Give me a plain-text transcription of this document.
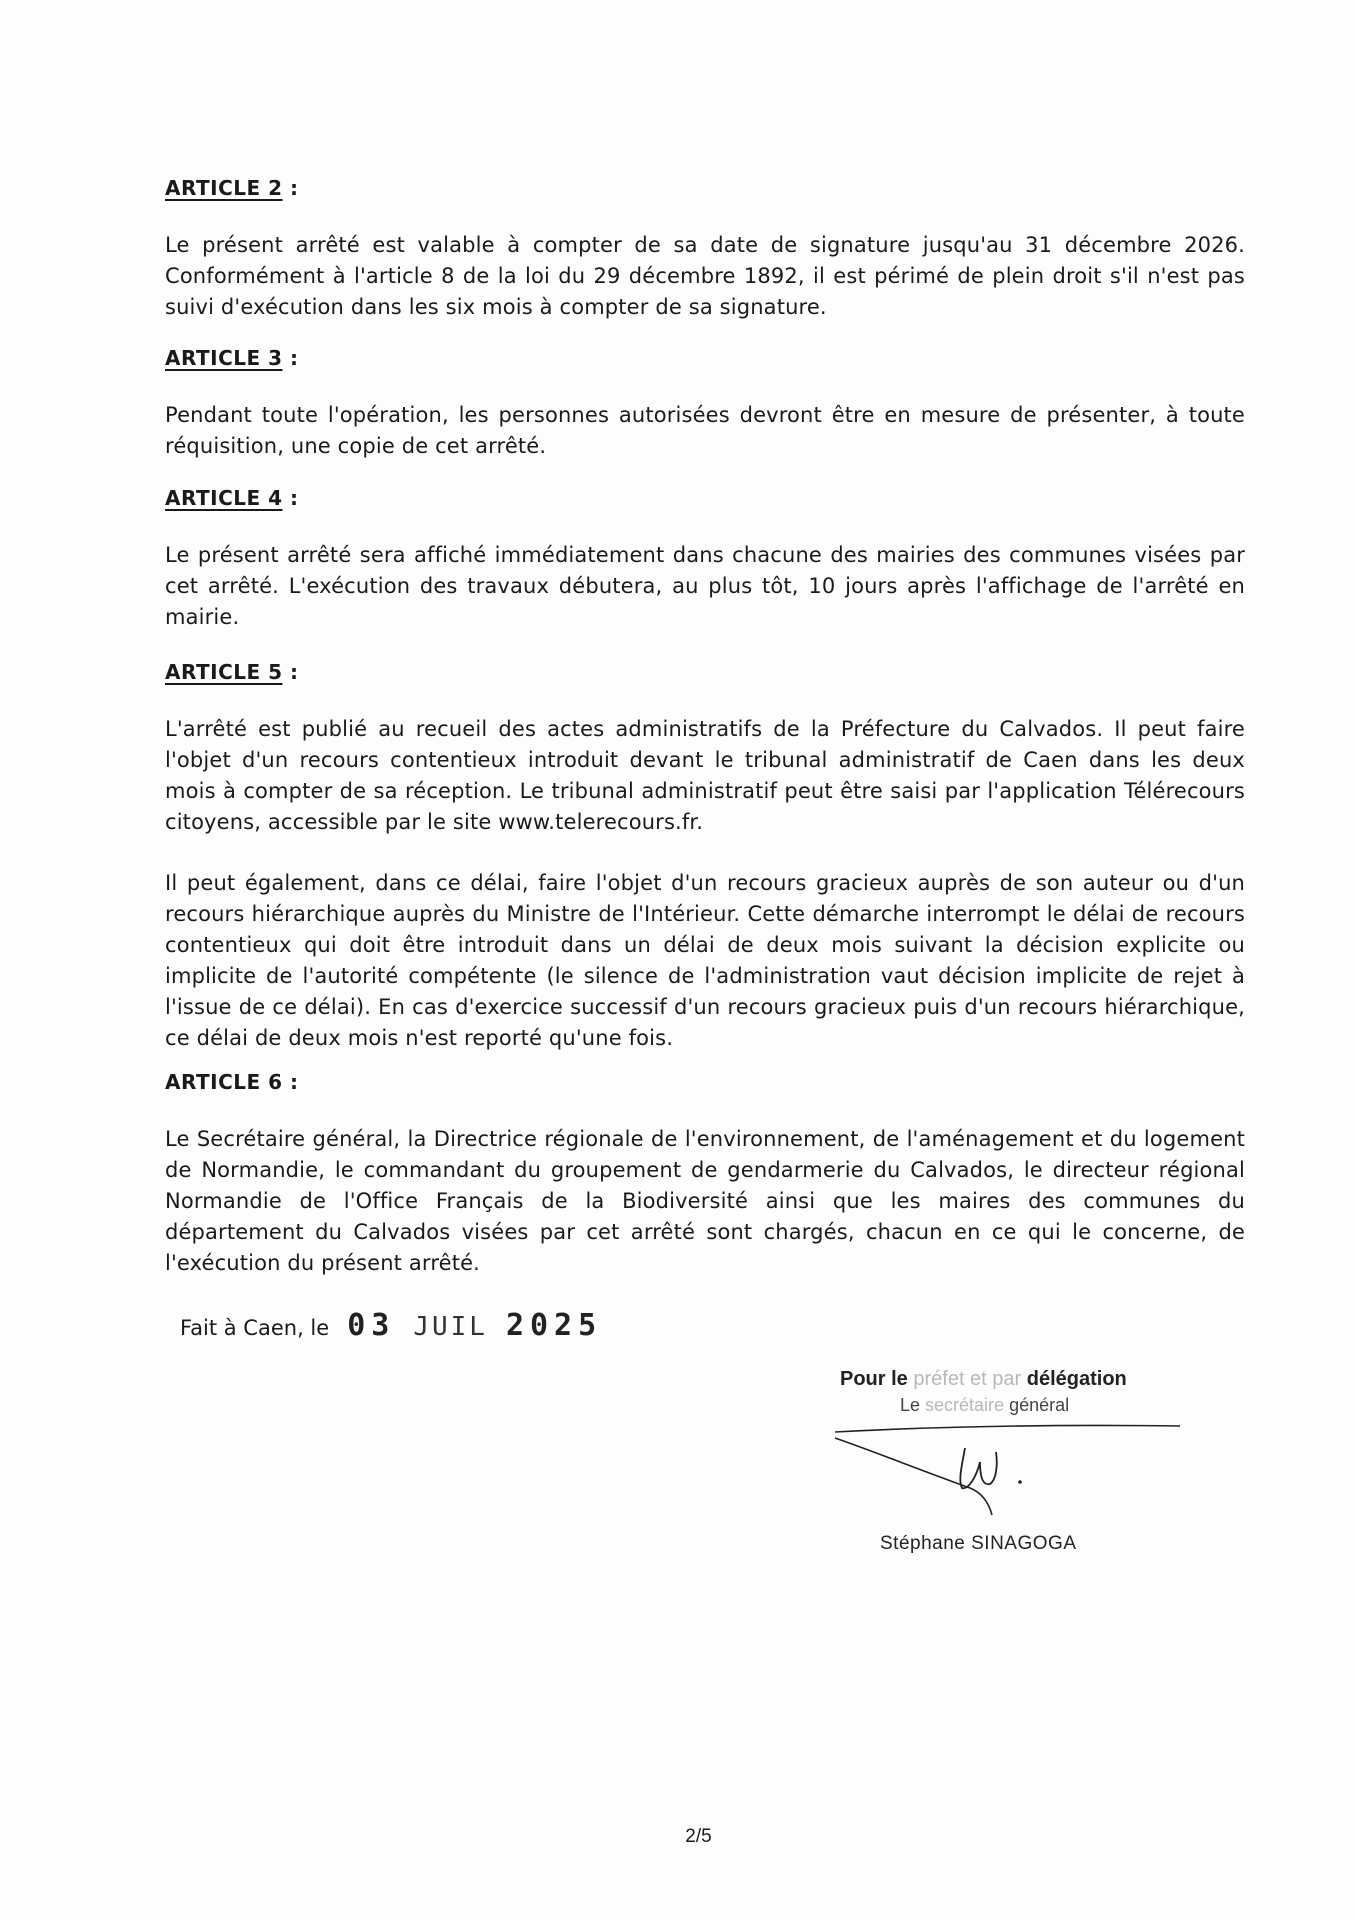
ARTICLE 2 :

Le présent arrêté est valable à compter de sa date de signature jusqu'au 31 décembre 2026. Conformément à l'article 8 de la loi du 29 décembre 1892, il est périmé de plein droit s'il n'est pas suivi d'exécution dans les six mois à compter de sa signature.

ARTICLE 3 :

Pendant toute l'opération, les personnes autorisées devront être en mesure de présenter, à toute réquisition, une copie de cet arrêté.

ARTICLE 4 :

Le présent arrêté sera affiché immédiatement dans chacune des mairies des communes visées par cet arrêté. L'exécution des travaux débutera, au plus tôt, 10 jours après l'affichage de l'arrêté en mairie.

ARTICLE 5 :

L'arrêté est publié au recueil des actes administratifs de la Préfecture du Calvados. Il peut faire l'objet d'un recours contentieux introduit devant le tribunal administratif de Caen dans les deux mois à compter de sa réception. Le tribunal administratif peut être saisi par l'application Télérecours citoyens, accessible par le site www.telerecours.fr.

Il peut également, dans ce délai, faire l'objet d'un recours gracieux auprès de son auteur ou d'un recours hiérarchique auprès du Ministre de l'Intérieur. Cette démarche interrompt le délai de recours contentieux qui doit être introduit dans un délai de deux mois suivant la décision explicite ou implicite de l'autorité compétente (le silence de l'administration vaut décision implicite de rejet à l'issue de ce délai). En cas d'exercice successif d'un recours gracieux puis d'un recours hiérarchique, ce délai de deux mois n'est reporté qu'une fois.

ARTICLE 6 :

Le Secrétaire général, la Directrice régionale de l'environnement, de l'aménagement et du logement de Normandie, le commandant du groupement de gendarmerie du Calvados, le directeur régional Normandie de l'Office Français de la Biodiversité ainsi que les maires des communes du département du Calvados visées par cet arrêté sont chargés, chacun en ce qui le concerne, de l'exécution du présent arrêté.

Fait à Caen, le 03 JUIL 2025
Pour le préfet et par délégation
Le secrétaire général
Stéphane SINAGOGA
2/5
